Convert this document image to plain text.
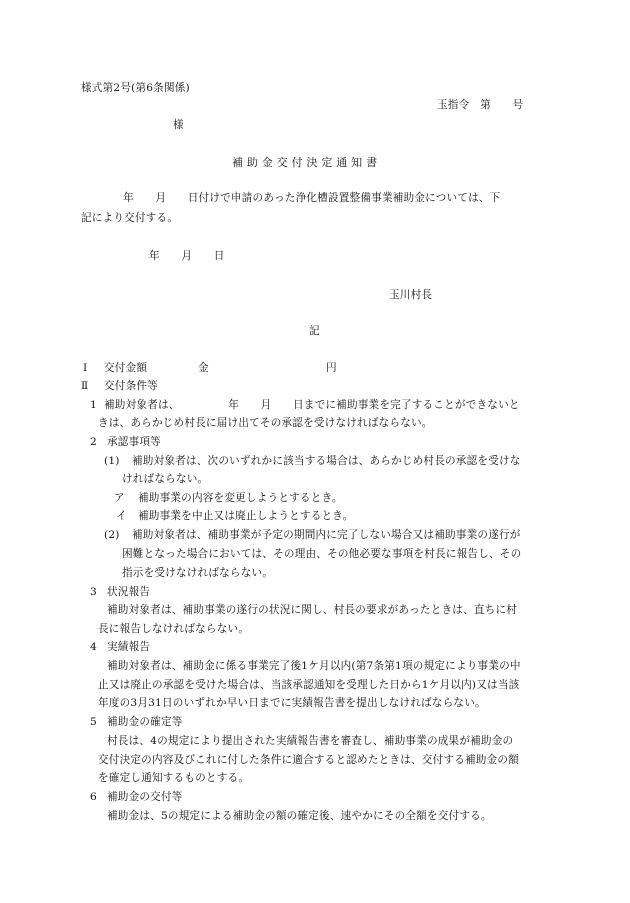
様式第2号(第6条関係)
玉指令　第　　号
様
補 助 金 交 付 決 定 通 知 書
年　　月　　日付けで申請のあった浄化槽設置整備事業補助金については、下
記により交付する。
年　　月　　日
玉川村長
記
Ⅰ 交付金額	金	円
Ⅱ 交付条件等
1 補助対象者は、　　　　　年　　月　　日までに補助事業を完了することができないと
きは、あらかじめ村長に届け出てその承認を受けなければならない。
2 承認事項等
(1) 補助対象者は、次のいずれかに該当する場合は、あらかじめ村長の承認を受けな
ければならない。
ア 補助事業の内容を変更しようとするとき。
イ 補助事業を中止又は廃止しようとするとき。
(2) 補助対象者は、補助事業が予定の期間内に完了しない場合又は補助事業の遂行が
困難となった場合においては、その理由、その他必要な事項を村長に報告し、その
指示を受けなければならない。
3 状況報告
補助対象者は、補助事業の遂行の状況に関し、村長の要求があったときは、直ちに村
長に報告しなければならない。
4 実績報告
補助対象者は、補助金に係る事業完了後1ケ月以内(第7条第1項の規定により事業の中
止又は廃止の承認を受けた場合は、当該承認通知を受理した日から1ケ月以内)又は当該
年度の3月31日のいずれか早い日までに実績報告書を提出しなければならない。
5 補助金の確定等
村長は、4の規定により提出された実績報告書を審査し、補助事業の成果が補助金の
交付決定の内容及びこれに付した条件に適合すると認めたときは、交付する補助金の額
を確定し通知するものとする。
6 補助金の交付等
補助金は、5の規定による補助金の額の確定後、速やかにその全額を交付する。
